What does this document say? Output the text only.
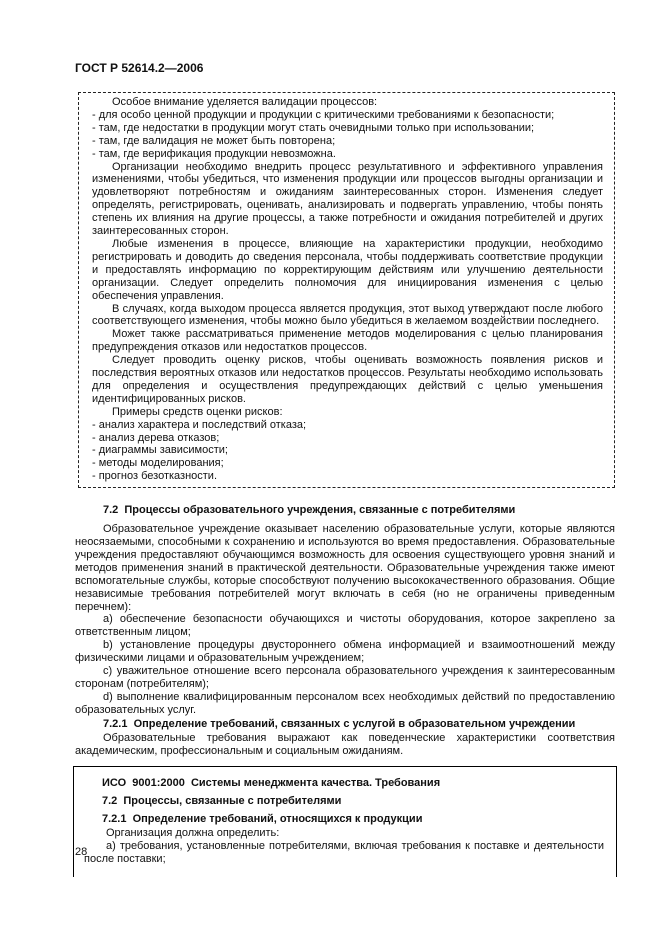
ГОСТ Р 52614.2—2006

Особое внимание уделяется валидации процессов:

- для особо ценной продукции и продукции с критическими требованиями к безопасности;

- там, где недостатки в продукции могут стать очевидными только при использовании;

- там, где валидация не может быть повторена;

- там, где верификация продукции невозможна.

Организации необходимо внедрить процесс результативного и эффективного управления изменениями, чтобы убедиться, что изменения продукции или процессов выгодны организации и удовлетворяют потребностям и ожиданиям заинтересованных сторон. Изменения следует определять, регистрировать, оценивать, анализировать и подвергать управлению, чтобы понять степень их влияния на другие процессы, а также потребности и ожидания потребителей и других заинтересованных сторон.

Любые изменения в процессе, влияющие на характеристики продукции, необходимо регистрировать и доводить до сведения персонала, чтобы поддерживать соответствие продукции и предоставлять информацию по корректирующим действиям или улучшению деятельности организации. Следует определить полномочия для инициирования изменения с целью обеспечения управления.

В случаях, когда выходом процесса является продукция, этот выход утверждают после любого соответствующего изменения, чтобы можно было убедиться в желаемом воздействии последнего.

Может также рассматриваться применение методов моделирования с целью планирования предупреждения отказов или недостатков процессов.

Следует проводить оценку рисков, чтобы оценивать возможность появления рисков и последствия вероятных отказов или недостатков процессов. Результаты необходимо использовать для определения и осуществления предупреждающих действий с целью уменьшения идентифицированных рисков.

Примеры средств оценки рисков:

- анализ характера и последствий отказа;

- анализ дерева отказов;

- диаграммы зависимости;

- методы моделирования;

- прогноз безотказности.

7.2  Процессы образовательного учреждения, связанные с потребителями

Образовательное учреждение оказывает населению образовательные услуги, которые являются неосязаемыми, способными к сохранению и используются во время предоставления. Образовательные учреждения предоставляют обучающимся возможность для освоения существующего уровня знаний и методов применения знаний в практической деятельности. Образовательные учреждения также имеют вспомогательные службы, которые способствуют получению высококачественного образования. Общие независимые требования потребителей могут включать в себя (но не ограничены приведенным перечнем):

a) обеспечение безопасности обучающихся и чистоты оборудования, которое закреплено за ответственным лицом;

b) установление процедуры двустороннего обмена информацией и взаимоотношений между физическими лицами и образовательным учреждением;

c) уважительное отношение всего персонала образовательного учреждения к заинтересованным сторонам (потребителям);

d) выполнение квалифицированным персоналом всех необходимых действий по предоставлению образовательных услуг.

7.2.1  Определение требований, связанных с услугой в образовательном учреждении

Образовательные требования выражают как поведенческие характеристики соответствия академическим, профессиональным и социальным ожиданиям.

ИСО  9001:2000  Системы менеджмента качества. Требования

7.2  Процессы, связанные с потребителями

7.2.1  Определение требований, относящихся к продукции

Организация должна определить:

a) требования, установленные потребителями, включая требования к поставке и деятельности после поставки;

28
